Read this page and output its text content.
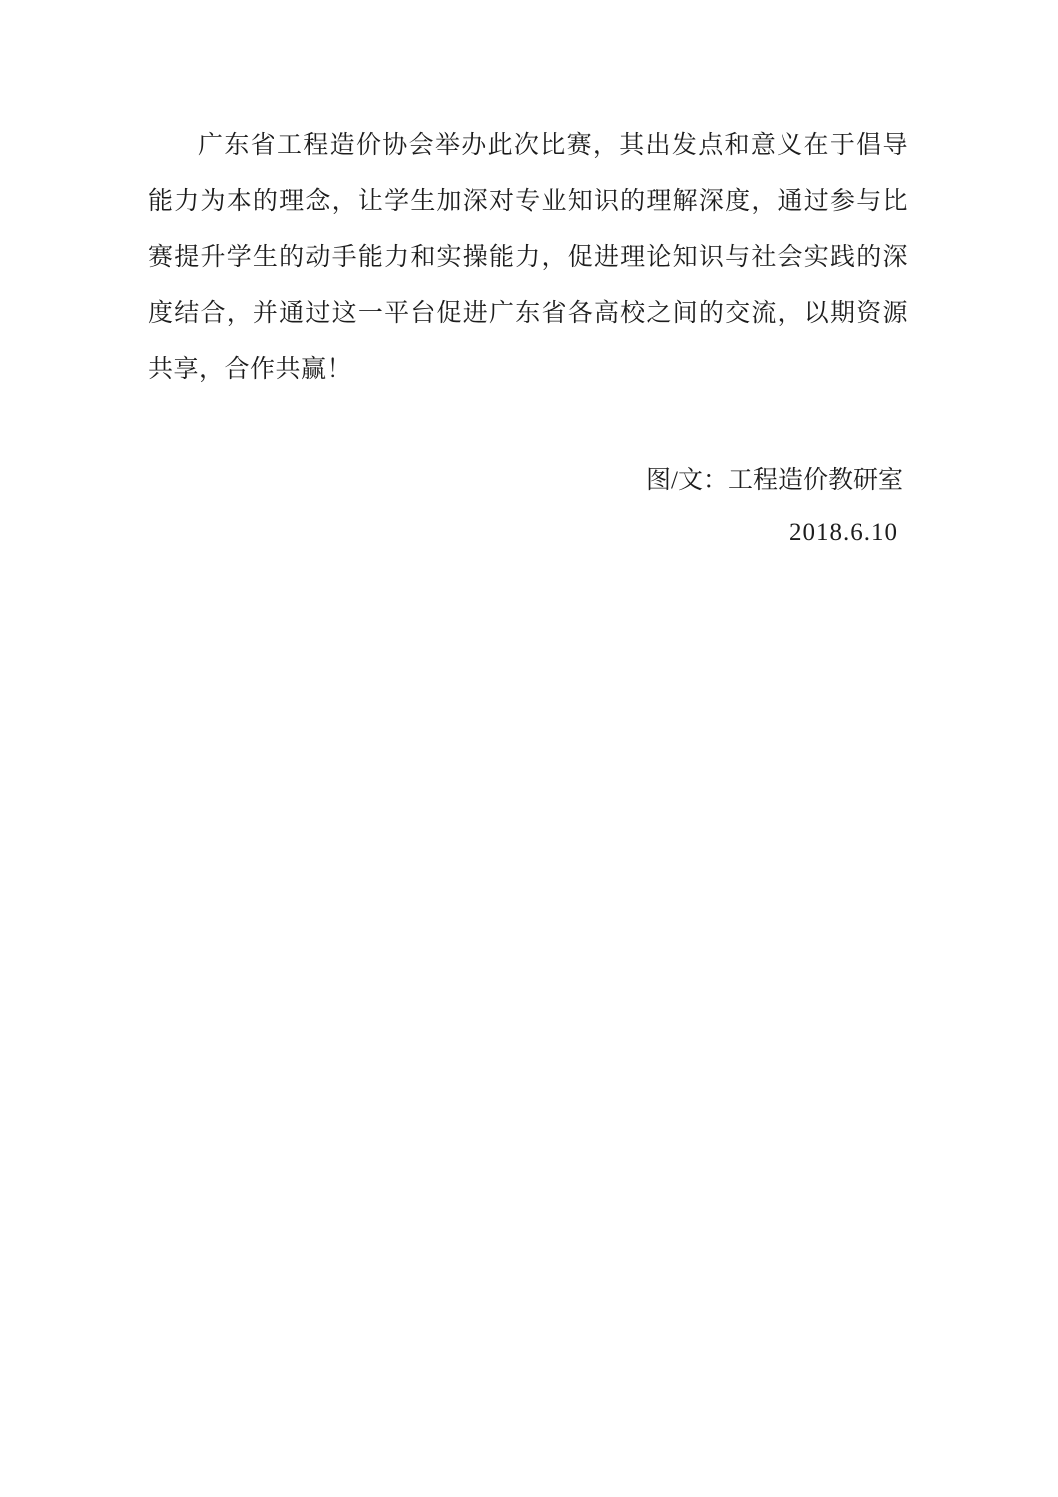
广东省工程造价协会举办此次比赛，其出发点和意义在于倡导能力为本的理念，让学生加深对专业知识的理解深度，通过参与比赛提升学生的动手能力和实操能力，促进理论知识与社会实践的深度结合，并通过这一平台促进广东省各高校之间的交流，以期资源共享，合作共赢！

图/文：工程造价教研室
2018.6.10
